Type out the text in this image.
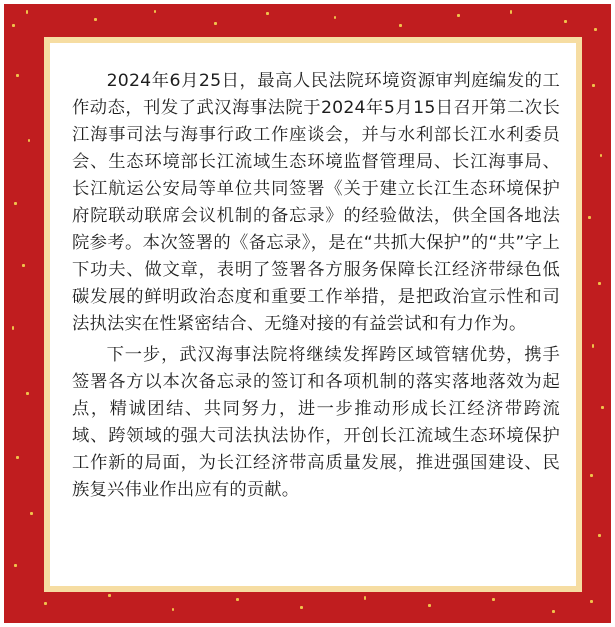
2024年6月25日，最高人民法院环境资源审判庭编发的工作动态，刊发了武汉海事法院于2024年5月15日召开第二次长江海事司法与海事行政工作座谈会，并与水利部长江水利委员会、生态环境部长江流域生态环境监督管理局、长江海事局、长江航运公安局等单位共同签署《关于建立长江生态环境保护府院联动联席会议机制的备忘录》的经验做法，供全国各地法院参考。本次签署的《备忘录》，是在“共抓大保护”的“共”字上下功夫、做文章，表明了签署各方服务保障长江经济带绿色低碳发展的鲜明政治态度和重要工作举措，是把政治宣示性和司法执法实在性紧密结合、无缝对接的有益尝试和有力作为。

下一步，武汉海事法院将继续发挥跨区域管辖优势，携手签署各方以本次备忘录的签订和各项机制的落实落地落效为起点，精诚团结、共同努力，进一步推动形成长江经济带跨流域、跨领域的强大司法执法协作，开创长江流域生态环境保护工作新的局面，为长江经济带高质量发展，推进强国建设、民族复兴伟业作出应有的贡献。
